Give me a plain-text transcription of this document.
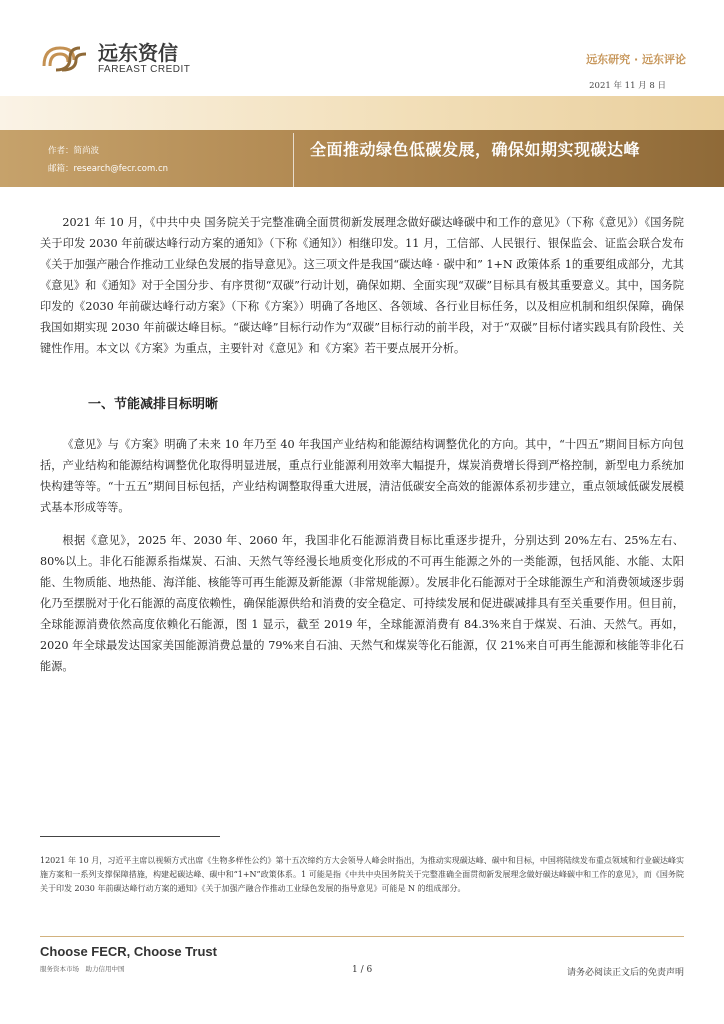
远东资信
FAREAST CREDIT
远东研究 · 远东评论
2021 年 11 月 8 日
作者：简尚波
邮箱：research@fecr.com.cn
全面推动绿色低碳发展，确保如期实现碳达峰

2021 年 10 月，《中共中央 国务院关于完整准确全面贯彻新发展理念做好碳达峰碳中和工作的意见》（下称《意见》）《国务院关于印发 2030 年前碳达峰行动方案的通知》（下称《通知》）相继印发。11 月，工信部、人民银行、银保监会、证监会联合发布《关于加强产融合作推动工业绿色发展的指导意见》。这三项文件是我国“碳达峰 · 碳中和” 1+N 政策体系 1的重要组成部分，尤其《意见》和《通知》对于全国分步、有序贯彻“双碳”行动计划，确保如期、全面实现“双碳”目标具有极其重要意义。其中，国务院印发的《2030 年前碳达峰行动方案》（下称《方案》）明确了各地区、各领域、各行业目标任务，以及相应机制和组织保障，确保我国如期实现 2030 年前碳达峰目标。“碳达峰”目标行动作为“双碳”目标行动的前半段，对于“双碳”目标付诸实践具有阶段性、关键性作用。本文以《方案》为重点，主要针对《意见》和《方案》若干要点展开分析。

一、节能减排目标明晰

《意见》与《方案》明确了未来 10 年乃至 40 年我国产业结构和能源结构调整优化的方向。其中，“十四五”期间目标方向包括，产业结构和能源结构调整优化取得明显进展，重点行业能源利用效率大幅提升，煤炭消费增长得到严格控制，新型电力系统加快构建等等。“十五五”期间目标包括，产业结构调整取得重大进展，清洁低碳安全高效的能源体系初步建立，重点领域低碳发展模式基本形成等等。

根据《意见》，2025 年、2030 年、2060 年，我国非化石能源消费目标比重逐步提升，分别达到 20%左右、25%左右、80%以上。非化石能源系指煤炭、石油、天然气等经漫长地质变化形成的不可再生能源之外的一类能源，包括风能、水能、太阳能、生物质能、地热能、海洋能、核能等可再生能源及新能源（非常规能源）。发展非化石能源对于全球能源生产和消费领域逐步弱化乃至摆脱对于化石能源的高度依赖性，确保能源供给和消费的安全稳定、可持续发展和促进碳减排具有至关重要作用。但目前，全球能源消费依然高度依赖化石能源，图 1 显示，截至 2019 年，全球能源消费有 84.3%来自于煤炭、石油、天然气。再如，2020 年全球最发达国家美国能源消费总量的 79%来自石油、天然气和煤炭等化石能源，仅 21%来自可再生能源和核能等非化石能源。

12021 年 10 月，习近平主席以视频方式出席《生物多样性公约》第十五次缔约方大会领导人峰会时指出，为推动实现碳达峰、碳中和目标，中国将陆续发布重点领域和行业碳达峰实施方案和一系列支撑保障措施，构建起碳达峰、碳中和“1+N”政策体系。1 可能是指《中共中央国务院关于完整准确全面贯彻新发展理念做好碳达峰碳中和工作的意见》，而《国务院关于印发 2030 年前碳达峰行动方案的通知》《关于加强产融合作推动工业绿色发展的指导意见》可能是 N 的组成部分。
Choose FECR, Choose Trust
服务资本市场　助力信用中国	1 / 6	请务必阅读正文后的免责声明
